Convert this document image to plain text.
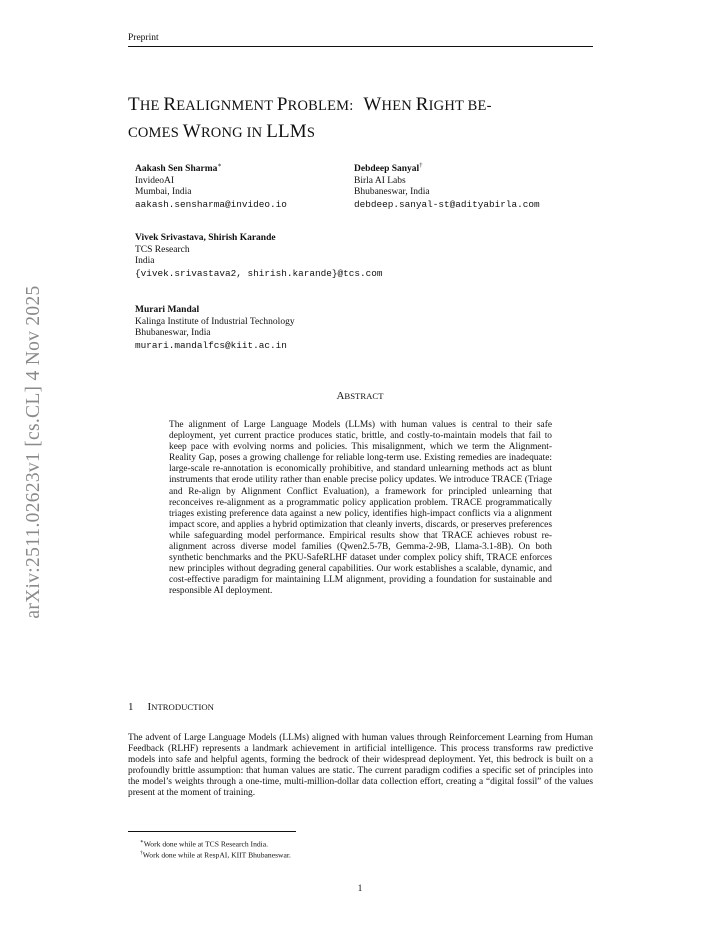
Preprint
THE REALIGNMENT PROBLEM: WHEN RIGHT BE-
COMES WRONG IN LLMS
Aakash Sen Sharma∗
InvideoAI
Mumbai, India
aakash.sensharma@invideo.io
Debdeep Sanyal†
Birla AI Labs
Bhubaneswar, India
debdeep.sanyal-st@adityabirla.com
Vivek Srivastava, Shirish Karande
TCS Research
India
{vivek.srivastava2, shirish.karande}@tcs.com
Murari Mandal
Kalinga Institute of Industrial Technology
Bhubaneswar, India
murari.mandalfcs@kiit.ac.in
arXiv:2511.02623v1 [cs.CL] 4 Nov 2025	ABSTRACT
The alignment of Large Language Models (LLMs) with human values is central to their safe deployment, yet current practice produces static, brittle, and costly-to-maintain models that fail to keep pace with evolving norms and policies. This misalignment, which we term the Alignment-Reality Gap, poses a growing challenge for reliable long-term use. Existing remedies are inadequate: large-scale re-annotation is economically prohibitive, and standard unlearning methods act as blunt instruments that erode utility rather than enable precise policy updates. We introduce TRACE (Triage and Re-align by Alignment Conflict Evaluation), a framework for principled unlearning that reconceives re-alignment as a programmatic policy application problem. TRACE programmatically triages existing preference data against a new policy, identifies high-impact conflicts via a alignment impact score, and applies a hybrid optimization that cleanly inverts, discards, or preserves preferences while safeguarding model performance. Empirical results show that TRACE achieves robust re-alignment across diverse model families (Qwen2.5-7B, Gemma-2-9B, Llama-3.1-8B). On both synthetic benchmarks and the PKU-SafeRLHF dataset under complex policy shift, TRACE enforces new principles without degrading general capabilities. Our work establishes a scalable, dynamic, and cost-effective paradigm for maintaining LLM alignment, providing a foundation for sustainable and responsible AI deployment.
1 INTRODUCTION
The advent of Large Language Models (LLMs) aligned with human values through Reinforcement Learning from Human Feedback (RLHF) represents a landmark achievement in artificial intelligence. This process transforms raw predictive models into safe and helpful agents, forming the bedrock of their widespread deployment. Yet, this bedrock is built on a profoundly brittle assumption: that human values are static. The current paradigm codifies a specific set of principles into the model’s weights through a one-time, multi-million-dollar data collection effort, creating a “digital fossil” of the values present at the moment of training.
∗Work done while at TCS Research India.
†Work done while at RespAI, KIIT Bhubaneswar.
1
